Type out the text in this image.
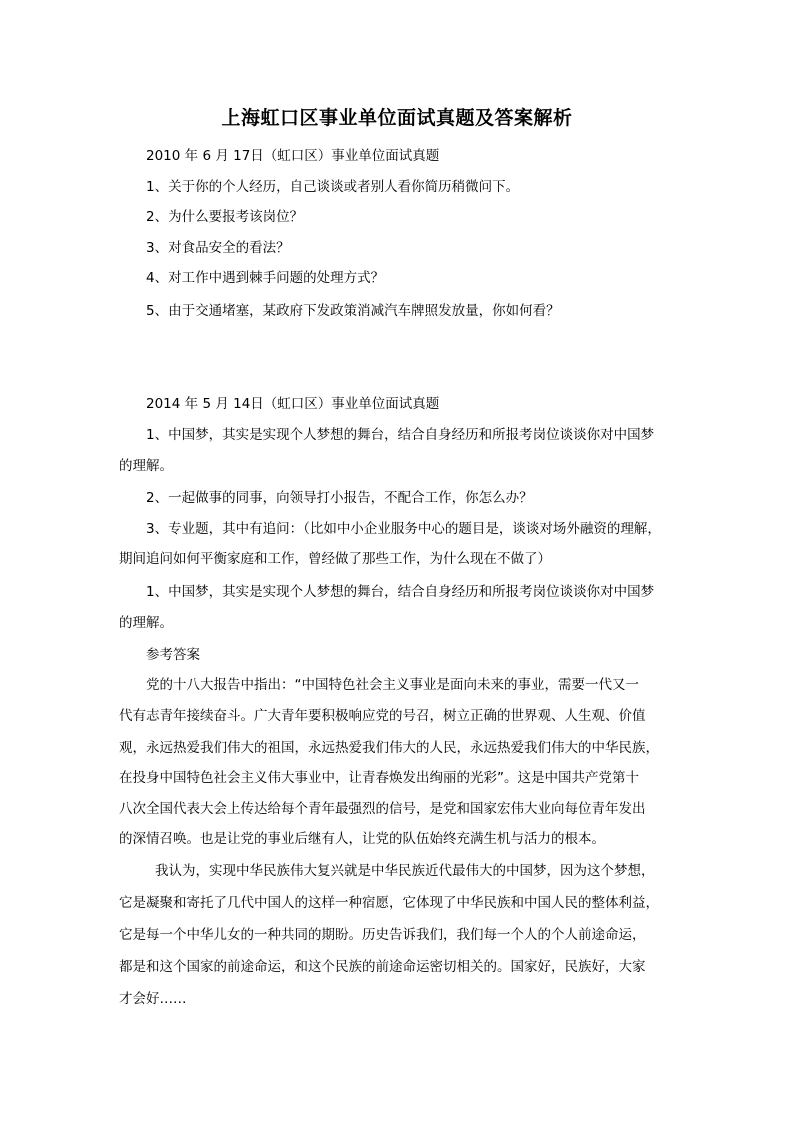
上海虹口区事业单位面试真题及答案解析
2010 年 6 月 17日（虹口区）事业单位面试真题
1、关于你的个人经历，自己谈谈或者别人看你简历稍微问下。
2、为什么要报考该岗位？
3、对食品安全的看法？
4、对工作中遇到棘手问题的处理方式？
5、由于交通堵塞，某政府下发政策消减汽车牌照发放量，你如何看？
2014 年 5 月 14日（虹口区）事业单位面试真题
1、中国梦，其实是实现个人梦想的舞台，结合自身经历和所报考岗位谈谈你对中国梦
的理解。
2、一起做事的同事，向领导打小报告，不配合工作，你怎么办？
3、专业题，其中有追问：（比如中小企业服务中心的题目是，谈谈对场外融资的理解，
期间追问如何平衡家庭和工作，曾经做了那些工作，为什么现在不做了）
1、中国梦，其实是实现个人梦想的舞台，结合自身经历和所报考岗位谈谈你对中国梦
的理解。
参考答案
党的十八大报告中指出：“中国特色社会主义事业是面向未来的事业，需要一代又一
代有志青年接续奋斗。广大青年要积极响应党的号召，树立正确的世界观、人生观、价值
观，永远热爱我们伟大的祖国，永远热爱我们伟大的人民，永远热爱我们伟大的中华民族，
在投身中国特色社会主义伟大事业中，让青春焕发出绚丽的光彩”。这是中国共产党第十
八次全国代表大会上传达给每个青年最强烈的信号，是党和国家宏伟大业向每位青年发出
的深情召唤。也是让党的事业后继有人，让党的队伍始终充满生机与活力的根本。
我认为，实现中华民族伟大复兴就是中华民族近代最伟大的中国梦，因为这个梦想，
它是凝聚和寄托了几代中国人的这样一种宿愿，它体现了中华民族和中国人民的整体利益，
它是每一个中华儿女的一种共同的期盼。历史告诉我们，我们每一个人的个人前途命运，
都是和这个国家的前途命运，和这个民族的前途命运密切相关的。国家好，民族好，大家
才会好……
